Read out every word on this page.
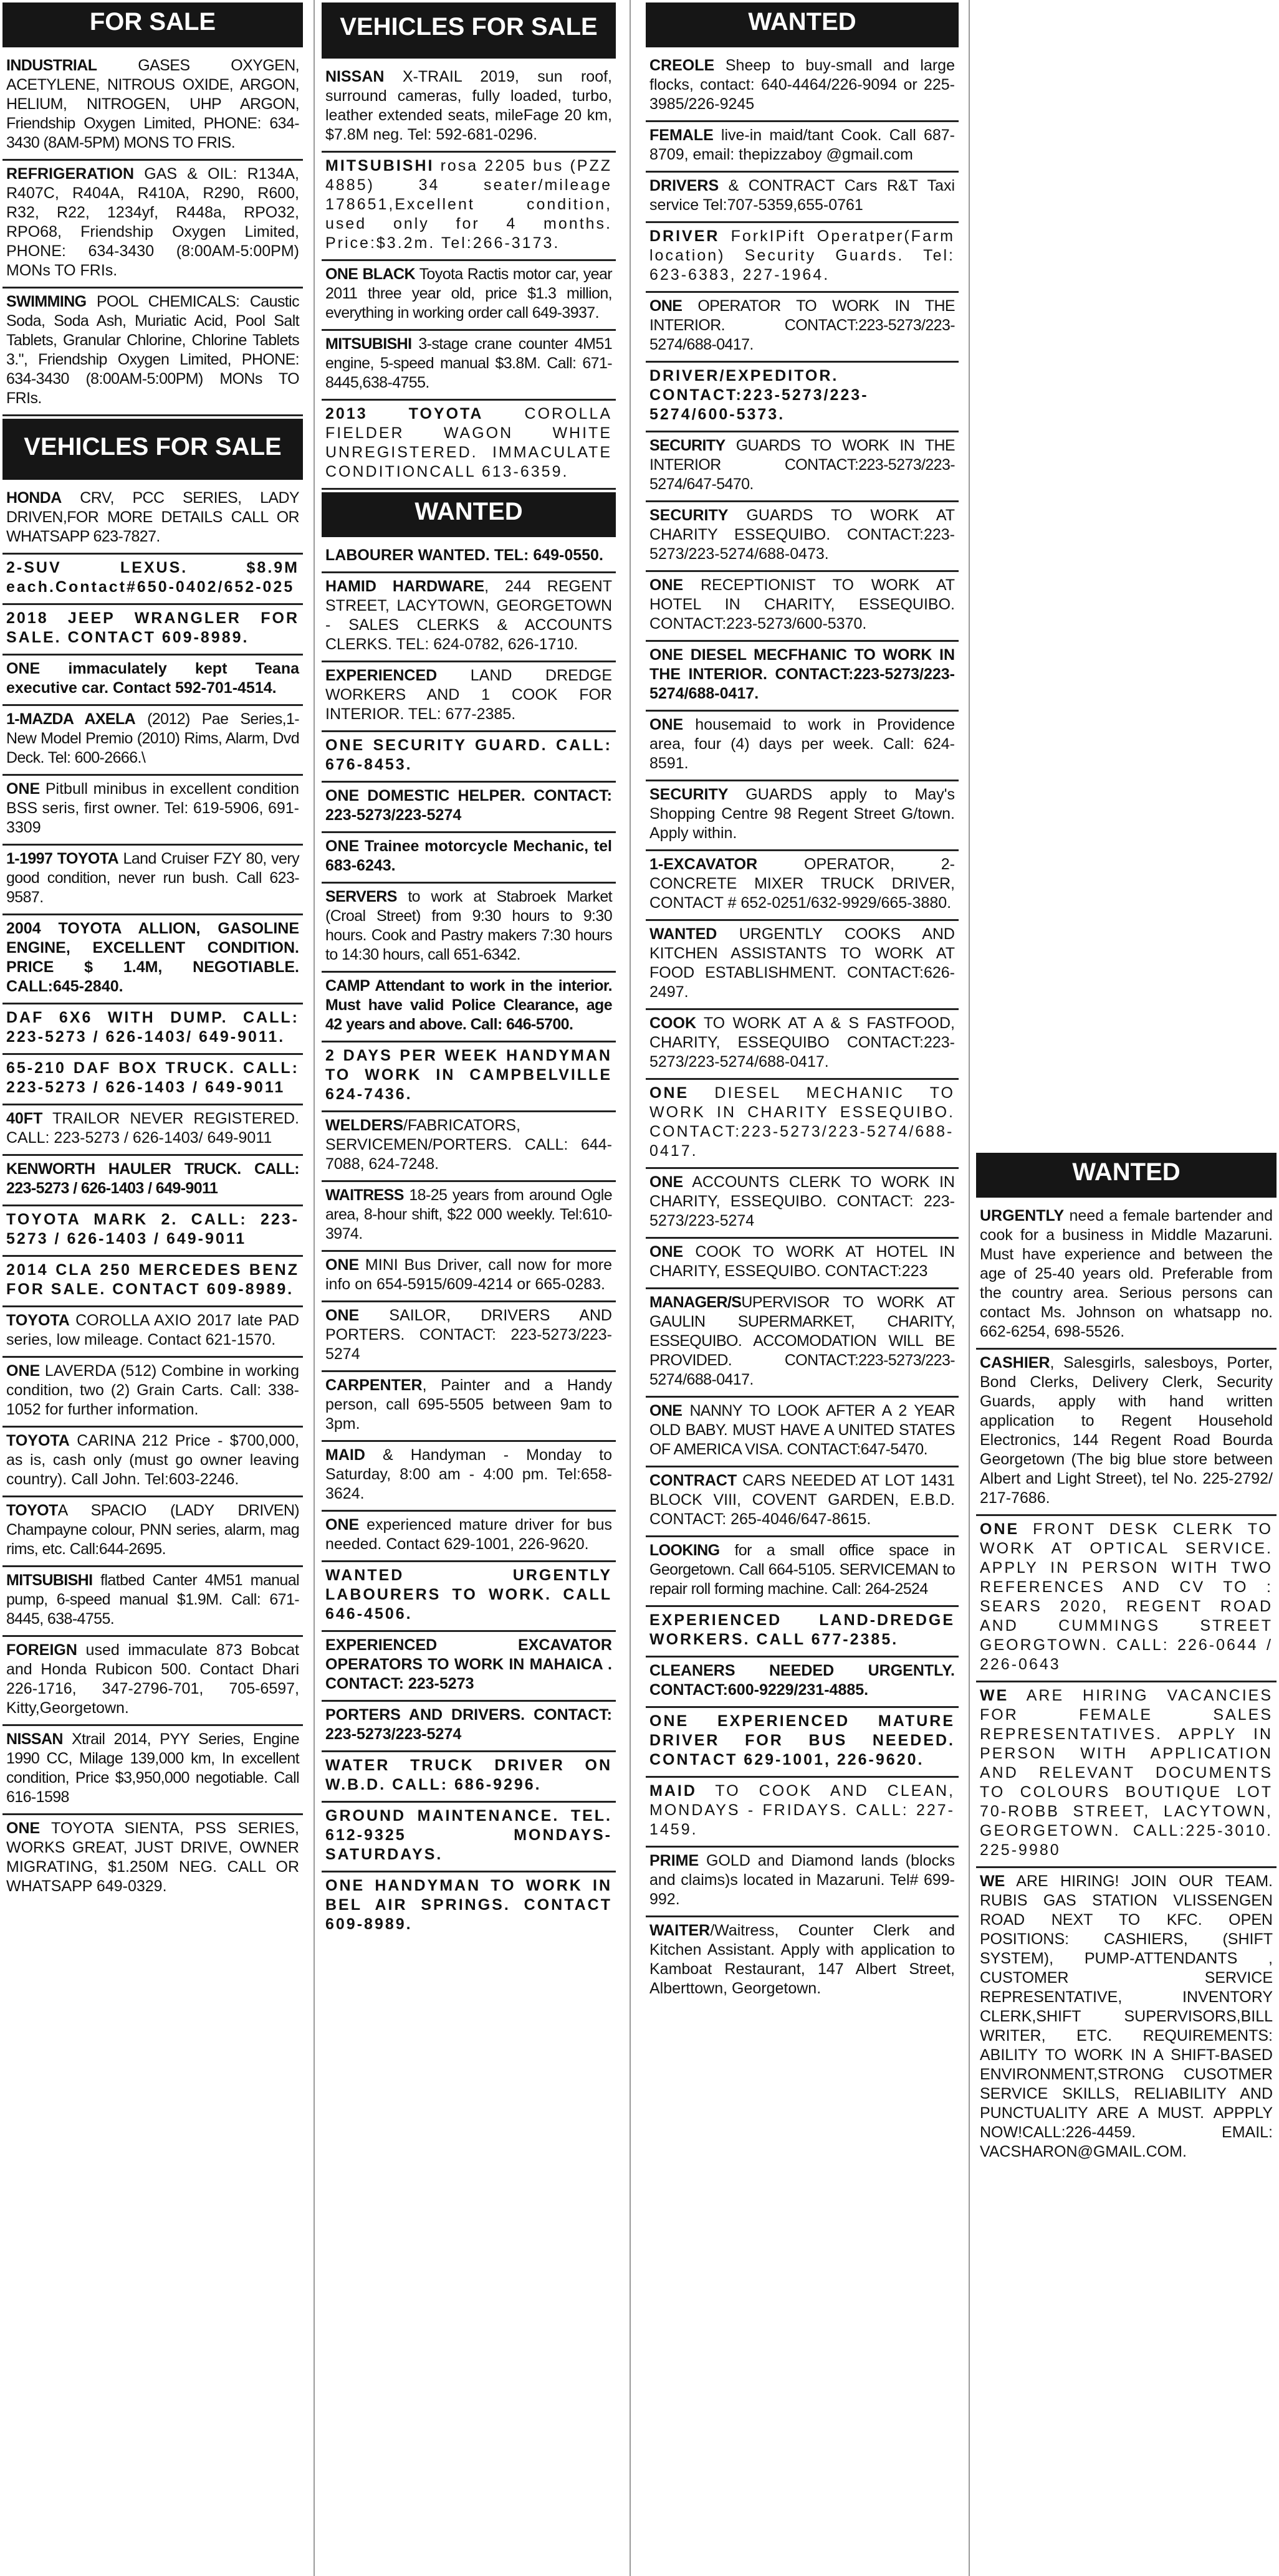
FOR SALE

INDUSTRIAL GASES OXYGEN, ACETYLENE, NITROUS OXIDE, ARGON, HELIUM, NITROGEN, UHP ARGON, Friendship Oxygen Limited, PHONE: 634-3430 (8AM-5PM) MONS TO FRIS.

REFRIGERATION GAS & OIL: R134A, R407C, R404A, R410A, R290, R600, R32, R22, 1234yf, R448a, RPO32, RPO68, Friendship Oxygen Limited, PHONE: 634-3430 (8:00AM-5:00PM) MONs TO FRIs.

SWIMMING POOL CHEMICALS: Caustic Soda, Soda Ash, Muriatic Acid, Pool Salt Tablets, Granular Chlorine, Chlorine Tablets 3.", Friendship Oxygen Limited, PHONE: 634-3430 (8:00AM-5:00PM) MONs TO FRIs.

VEHICLES FOR SALE

HONDA CRV, PCC SERIES, LADY DRIVEN,FOR MORE DETAILS CALL OR WHATSAPP 623-7827.

2-SUV LEXUS. $8.9M each.Contact#650-0402/652-025

2018 JEEP WRANGLER FOR SALE. CONTACT 609-8989.

ONE immaculately kept Teana executive car. Contact 592-701-4514.

1-MAZDA AXELA (2012) Pae Series,1- New Model Premio (2010) Rims, Alarm, Dvd Deck. Tel: 600-2666.\

ONE Pitbull minibus in excellent condition BSS seris, first owner. Tel: 619-5906, 691-3309

1-1997 TOYOTA Land Cruiser FZY 80, very good condition, never run bush. Call 623-9587.

2004 TOYOTA ALLION, GASOLINE ENGINE, EXCELLENT CONDITION. PRICE $ 1.4M, NEGOTIABLE. CALL:645-2840.

DAF 6X6 WITH DUMP. CALL: 223-5273 / 626-1403/ 649-9011.

65-210 DAF BOX TRUCK. CALL: 223-5273 / 626-1403 / 649-9011

40FT TRAILOR NEVER REGISTERED. CALL: 223-5273 / 626-1403/ 649-9011

KENWORTH HAULER TRUCK. CALL: 223-5273 / 626-1403 / 649-9011

TOYOTA MARK 2. CALL: 223-5273 / 626-1403 / 649-9011

2014 CLA 250 MERCEDES BENZ FOR SALE. CONTACT 609-8989.

TOYOTA COROLLA AXIO 2017 late PAD series, low mileage. Contact 621-1570.

ONE LAVERDA (512) Combine in working condition, two (2) Grain Carts. Call: 338-1052 for further information.

TOYOTA CARINA 212 Price - $700,000, as is, cash only (must go owner leaving country). Call John. Tel:603-2246.

TOYOTA SPACIO (LADY DRIVEN) Champayne colour, PNN series, alarm, mag rims, etc. Call:644-2695.

MITSUBISHI flatbed Canter 4M51 manual pump, 6-speed manual $1.9M. Call: 671-8445, 638-4755.

FOREIGN used immaculate 873 Bobcat and Honda Rubicon 500. Contact Dhari 226-1716, 347-2796-701, 705-6597, Kitty,Georgetown.

NISSAN Xtrail 2014, PYY Series, Engine 1990 CC, Milage 139,000 km, In excellent condition, Price $3,950,000 negotiable. Call 616-1598

ONE TOYOTA SIENTA, PSS SERIES, WORKS GREAT, JUST DRIVE, OWNER MIGRATING, $1.250M NEG. CALL OR WHATSAPP 649-0329.

VEHICLES FOR SALE

NISSAN X-TRAIL 2019, sun roof, surround cameras, fully loaded, turbo, leather extended seats, mileFage 20 km, $7.8M neg. Tel: 592-681-0296.

MITSUBISHI rosa 2205 bus (PZZ 4885) 34 seater/mileage 178651,Excellent condition, used only for 4 months. Price:$3.2m. Tel:266-3173.

ONE BLACK Toyota Ractis motor car, year 2011 three year old, price $1.3 million, everything in working order call 649-3937.

MITSUBISHI 3-stage crane counter 4M51 engine, 5-speed manual $3.8M. Call: 671-8445,638-4755.

2013 TOYOTA COROLLA FIELDER WAGON WHITE UNREGISTERED. IMMACULATE CONDITIONCALL 613-6359.

WANTED

LABOURER WANTED. TEL: 649-0550.

HAMID HARDWARE, 244 REGENT STREET, LACYTOWN, GEORGETOWN - SALES CLERKS & ACCOUNTS CLERKS. TEL: 624-0782, 626-1710.

EXPERIENCED LAND DREDGE WORKERS AND 1 COOK FOR INTERIOR. TEL: 677-2385.

ONE SECURITY GUARD. CALL: 676-8453.

ONE DOMESTIC HELPER. CONTACT: 223-5273/223-5274

ONE Trainee motorcycle Mechanic, tel 683-6243.

SERVERS to work at Stabroek Market (Croal Street) from 9:30 hours to 9:30 hours. Cook and Pastry makers 7:30 hours to 14:30 hours, call 651-6342.

CAMP Attendant to work in the interior. Must have valid Police Clearance, age 42 years and above. Call: 646-5700.

2 DAYS PER WEEK HANDYMAN TO WORK IN CAMPBELVILLE 624-7436.

WELDERS/FABRICATORS, SERVICEMEN/PORTERS. CALL: 644-7088, 624-7248.

WAITRESS 18-25 years from around Ogle area, 8-hour shift, $22 000 weekly. Tel:610-3974.

ONE MINI Bus Driver, call now for more info on 654-5915/609-4214 or 665-0283.

ONE SAILOR, DRIVERS AND PORTERS. CONTACT: 223-5273/223-5274

CARPENTER, Painter and a Handy person, call 695-5505 between 9am to 3pm.

MAID & Handyman - Monday to Saturday, 8:00 am - 4:00 pm. Tel:658-3624.

ONE experienced mature driver for bus needed. Contact 629-1001, 226-9620.

WANTED URGENTLY LABOURERS TO WORK. CALL 646-4506.

EXPERIENCED EXCAVATOR OPERATORS TO WORK IN MAHAICA . CONTACT: 223-5273

PORTERS AND DRIVERS. CONTACT: 223-5273/223-5274

WATER TRUCK DRIVER ON W.B.D. CALL: 686-9296.

GROUND MAINTENANCE. TEL. 612-9325 MONDAYS-SATURDAYS.

ONE HANDYMAN TO WORK IN BEL AIR SPRINGS. CONTACT 609-8989.

WANTED

CREOLE Sheep to buy-small and large flocks, contact: 640-4464/226-9094 or 225-3985/226-9245

FEMALE live-in maid/tant Cook. Call 687-8709, email: thepizzaboy @gmail.com

DRIVERS & CONTRACT Cars R&T Taxi service Tel:707-5359,655-0761

DRIVER ForkIPift Operatper(Farm location) Security Guards. Tel: 623-6383, 227-1964.

ONE OPERATOR TO WORK IN THE INTERIOR. CONTACT:223-5273/223-5274/688-0417.

DRIVER/EXPEDITOR. CONTACT:223-5273/223-5274/600-5373.

SECURITY GUARDS TO WORK IN THE INTERIOR CONTACT:223-5273/223-5274/647-5470.

SECURITY GUARDS TO WORK AT CHARITY ESSEQUIBO. CONTACT:223-5273/223-5274/688-0473.

ONE RECEPTIONIST TO WORK AT HOTEL IN CHARITY, ESSEQUIBO. CONTACT:223-5273/600-5370.

ONE DIESEL MECFHANIC TO WORK IN THE INTERIOR. CONTACT:223-5273/223-5274/688-0417.

ONE housemaid to work in Providence area, four (4) days per week. Call: 624-8591.

SECURITY GUARDS apply to May's Shopping Centre 98 Regent Street G/town. Apply within.

1-EXCAVATOR OPERATOR, 2- CONCRETE MIXER TRUCK DRIVER, CONTACT # 652-0251/632-9929/665-3880.

WANTED URGENTLY COOKS AND KITCHEN ASSISTANTS TO WORK AT FOOD ESTABLISHMENT. CONTACT:626-2497.

COOK TO WORK AT A & S FASTFOOD, CHARITY, ESSEQUIBO CONTACT:223-5273/223-5274/688-0417.

ONE DIESEL MECHANIC TO WORK IN CHARITY ESSEQUIBO. CONTACT:223-5273/223-5274/688-0417.

ONE ACCOUNTS CLERK TO WORK IN CHARITY, ESSEQUIBO. CONTACT: 223-5273/223-5274

ONE COOK TO WORK AT HOTEL IN CHARITY, ESSEQUIBO. CONTACT:223

MANAGER/SUPERVISOR TO WORK AT GAULIN SUPERMARKET, CHARITY, ESSEQUIBO. ACCOMODATION WILL BE PROVIDED. CONTACT:223-5273/223-5274/688-0417.

ONE NANNY TO LOOK AFTER A 2 YEAR OLD BABY. MUST HAVE A UNITED STATES OF AMERICA VISA. CONTACT:647-5470.

CONTRACT CARS NEEDED AT LOT 1431 BLOCK VIII, COVENT GARDEN, E.B.D. CONTACT: 265-4046/647-8615.

LOOKING for a small office space in Georgetown. Call 664-5105. SERVICEMAN to repair roll forming machine. Call: 264-2524

EXPERIENCED LAND-DREDGE WORKERS. CALL 677-2385.

CLEANERS NEEDED URGENTLY. CONTACT:600-9229/231-4885.

ONE EXPERIENCED MATURE DRIVER FOR BUS NEEDED. CONTACT 629-1001, 226-9620.

MAID TO COOK AND CLEAN, MONDAYS - FRIDAYS. CALL: 227-1459.

PRIME GOLD and Diamond lands (blocks and claims)s located in Mazaruni. Tel# 699-992.

WAITER/Waitress, Counter Clerk and Kitchen Assistant. Apply with application to Kamboat Restaurant, 147 Albert Street, Alberttown, Georgetown.

WANTED

URGENTLY need a female bartender and cook for a business in Middle Mazaruni. Must have experience and between the age of 25-40 years old. Preferable from the country area. Serious persons can contact Ms. Johnson on whatsapp no. 662-6254, 698-5526.

CASHIER, Salesgirls, salesboys, Porter, Bond Clerks, Delivery Clerk, Security Guards, apply with hand written application to Regent Household Electronics, 144 Regent Road Bourda Georgetown (The big blue store between Albert and Light Street), tel No. 225-2792/ 217-7686.

ONE FRONT DESK CLERK TO WORK AT OPTICAL SERVICE. APPLY IN PERSON WITH TWO REFERENCES AND CV TO : SEARS 2020, REGENT ROAD AND CUMMINGS STREET GEORGTOWN. CALL: 226-0644 / 226-0643

WE ARE HIRING VACANCIES FOR FEMALE SALES REPRESENTATIVES. APPLY IN PERSON WITH APPLICATION AND RELEVANT DOCUMENTS TO COLOURS BOUTIQUE LOT 70-ROBB STREET, LACYTOWN, GEORGETOWN. CALL:225-3010. 225-9980

WE ARE HIRING! JOIN OUR TEAM. RUBIS GAS STATION VLISSENGEN ROAD NEXT TO KFC. OPEN POSITIONS: CASHIERS, (SHIFT SYSTEM), PUMP-ATTENDANTS , CUSTOMER SERVICE REPRESENTATIVE, INVENTORY CLERK,SHIFT SUPERVISORS,BILL WRITER, ETC. REQUIREMENTS: ABILITY TO WORK IN A SHIFT-BASED ENVIRONMENT,STRONG CUSOTMER SERVICE SKILLS, RELIABILITY AND PUNCTUALITY ARE A MUST. APPPLY NOW!CALL:226-4459. EMAIL: VACSHARON@GMAIL.COM.
